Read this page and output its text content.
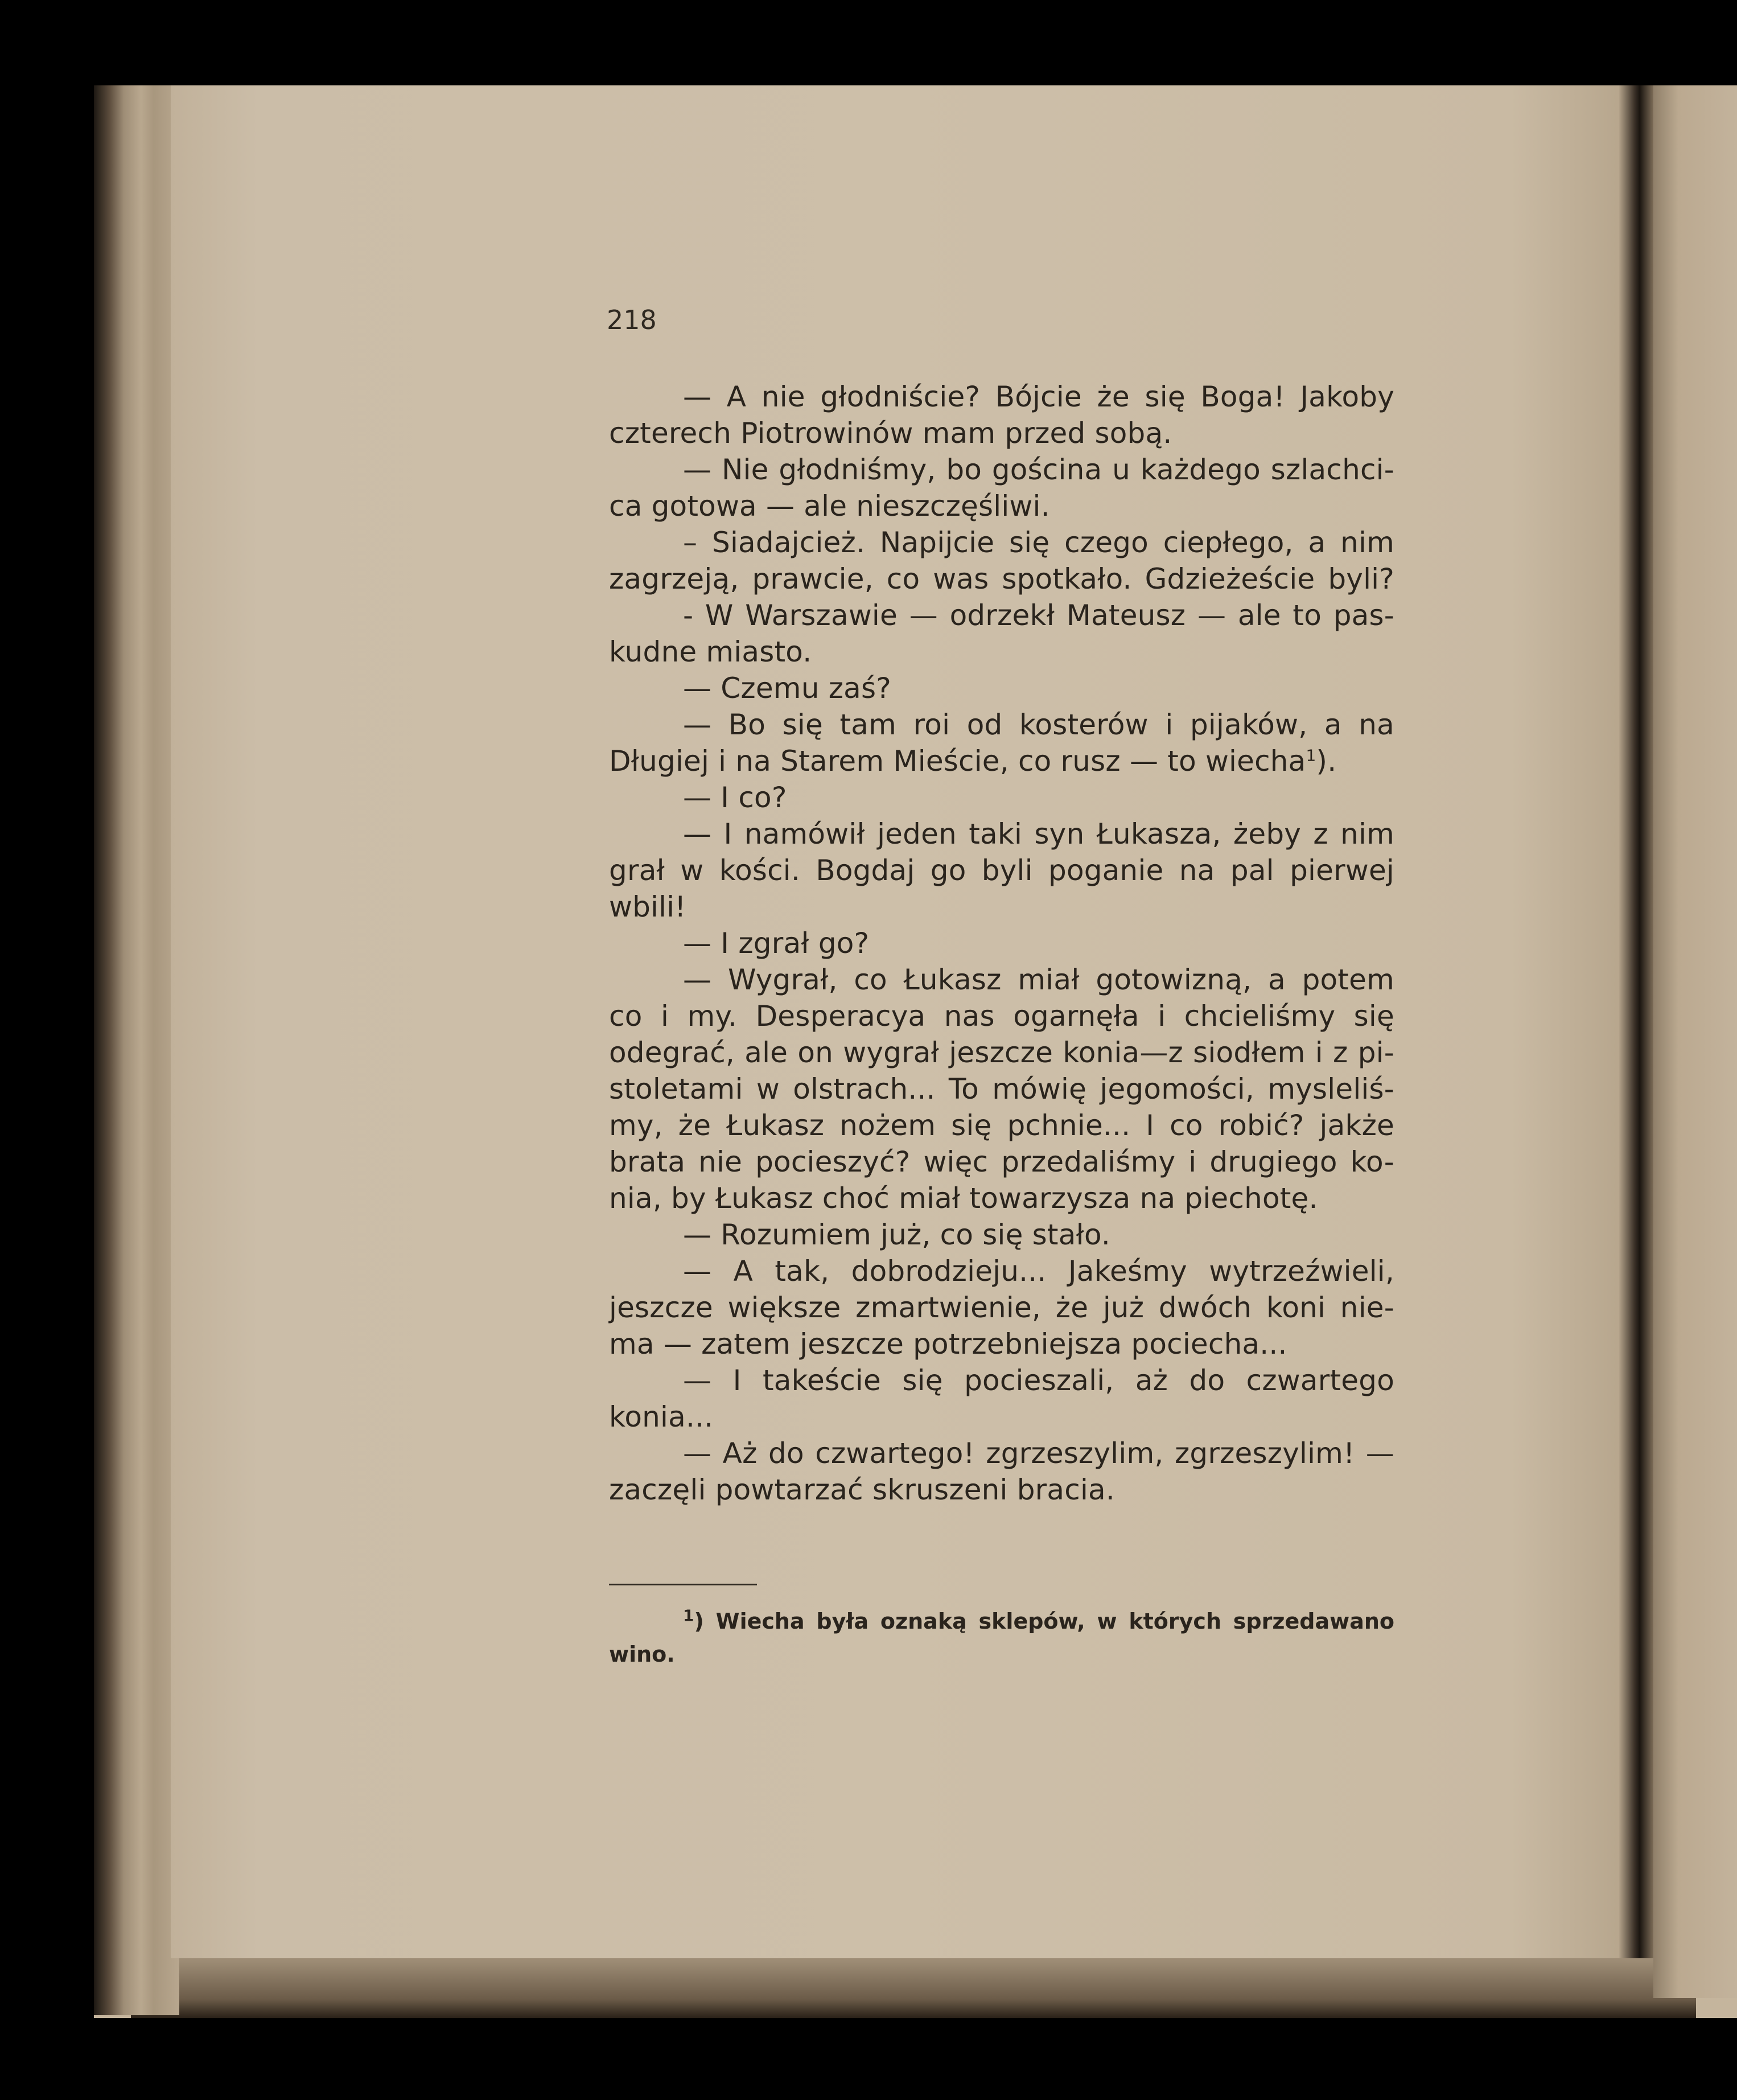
218
— A nie głodniście? Bójcie że się Boga! Jakoby
czterech Piotrowinów mam przed sobą.
— Nie głodniśmy, bo gościna u każdego szlachci-
ca gotowa — ale nieszczęśliwi.
– Siadajcież. Napijcie się czego ciepłego, a nim
zagrzeją, prawcie, co was spotkało. Gdzieżeście byli?
- W Warszawie — odrzekł Mateusz — ale to pas-
kudne miasto.
— Czemu zaś?
— Bo się tam roi od kosterów i pijaków, a na
Długiej i na Starem Mieście, co rusz — to wiecha$^1$).
— I co?
— I namówił jeden taki syn Łukasza, żeby z nim
grał w kości. Bogdaj go byli poganie na pal pierwej
wbili!
— I zgrał go?
— Wygrał, co Łukasz miał gotowizną, a potem
co i my. Desperacya nas ogarnęła i chcieliśmy się
odegrać, ale on wygrał jeszcze konia—z siodłem i z pi-
stoletami w olstrach... To mówię jegomości, mysleliś-
my, że Łukasz nożem się pchnie... I co robić? jakże
brata nie pocieszyć? więc przedaliśmy i drugiego ko-
nia, by Łukasz choć miał towarzysza na piechotę.
— Rozumiem już, co się stało.
— A tak, dobrodzieju... Jakeśmy wytrzeźwieli,
jeszcze większe zmartwienie, że już dwóch koni nie-
ma — zatem jeszcze potrzebniejsza pociecha...
— I takeście się pocieszali, aż do czwartego
konia...
— Aż do czwartego! zgrzeszylim, zgrzeszylim! —
zaczęli powtarzać skruszeni bracia.
$^1$) Wiecha była oznaką sklepów, w których sprzedawano
wino.
